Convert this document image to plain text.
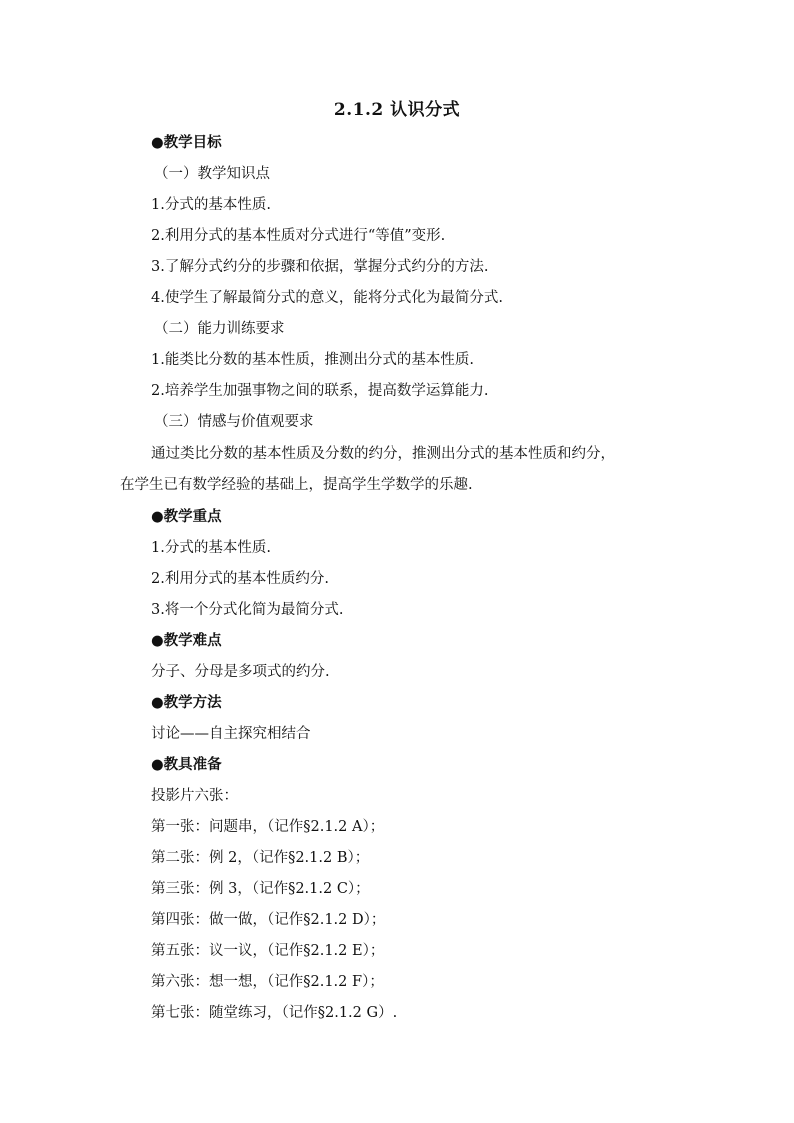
2.1.2 认识分式
●教学目标
（一）教学知识点
1.分式的基本性质.
2.利用分式的基本性质对分式进行“等值”变形.
3.了解分式约分的步骤和依据，掌握分式约分的方法.
4.使学生了解最简分式的意义，能将分式化为最简分式.
（二）能力训练要求
1.能类比分数的基本性质，推测出分式的基本性质.
2.培养学生加强事物之间的联系，提高数学运算能力.
（三）情感与价值观要求
通过类比分数的基本性质及分数的约分，推测出分式的基本性质和约分，
在学生已有数学经验的基础上，提高学生学数学的乐趣.
●教学重点
1.分式的基本性质.
2.利用分式的基本性质约分.
3.将一个分式化简为最简分式.
●教学难点
分子、分母是多项式的约分.
●教学方法
讨论——自主探究相结合
●教具准备
投影片六张：
第一张：问题串，（记作§2.1.2 A）；
第二张：例 2，（记作§2.1.2 B）；
第三张：例 3，（记作§2.1.2 C）；
第四张：做一做，（记作§2.1.2 D）；
第五张：议一议，（记作§2.1.2 E）；
第六张：想一想，（记作§2.1.2 F）；
第七张：随堂练习，（记作§2.1.2 G）.
